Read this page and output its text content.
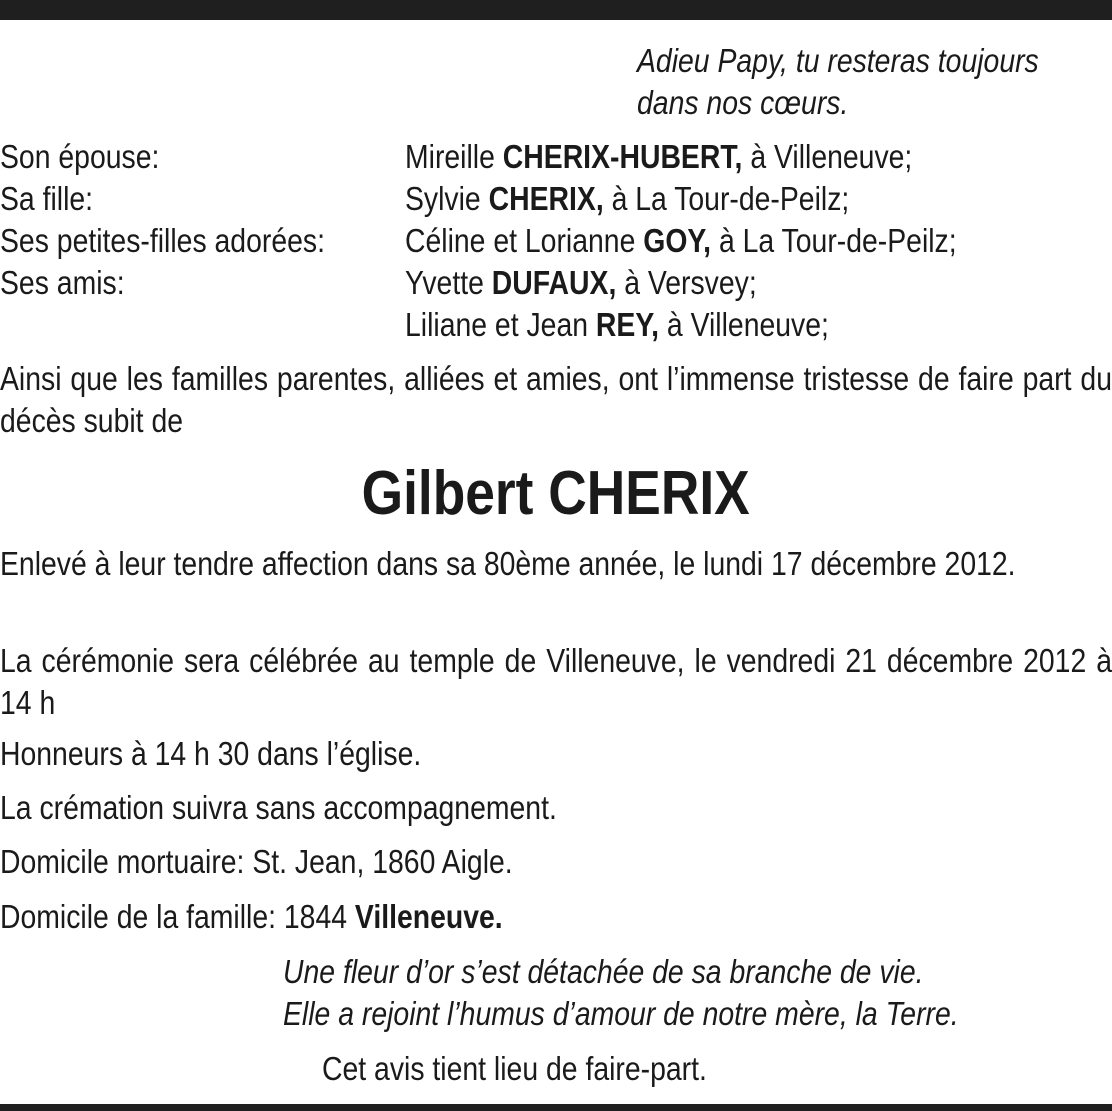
Adieu Papy, tu resteras toujours
dans nos cœurs.
Son épouse:	Mireille CHERIX-HUBERT, à Villeneuve;
Sa fille:	Sylvie CHERIX, à La Tour-de-Peilz;
Ses petites-filles adorées: Céline et Lorianne GOY, à La Tour-de-Peilz;
Ses amis:	Yvette DUFAUX, à Versvey;
Liliane et Jean REY, à Villeneuve;
Ainsi que les familles parentes, alliées et amies, ont l’immense tristesse de faire part du décès subit de
Gilbert CHERIX
Enlevé à leur tendre affection dans sa 80ème année, le lundi 17 décembre 2012.
La cérémonie sera célébrée au temple de Villeneuve, le vendredi 21 décembre 2012 à 14 h
Honneurs à 14 h 30 dans l’église.
La crémation suivra sans accompagnement.
Domicile mortuaire: St. Jean, 1860 Aigle.
Domicile de la famille: 1844 Villeneuve.
Une fleur d’or s’est détachée de sa branche de vie.
Elle a rejoint l’humus d’amour de notre mère, la Terre.
Cet avis tient lieu de faire-part.
